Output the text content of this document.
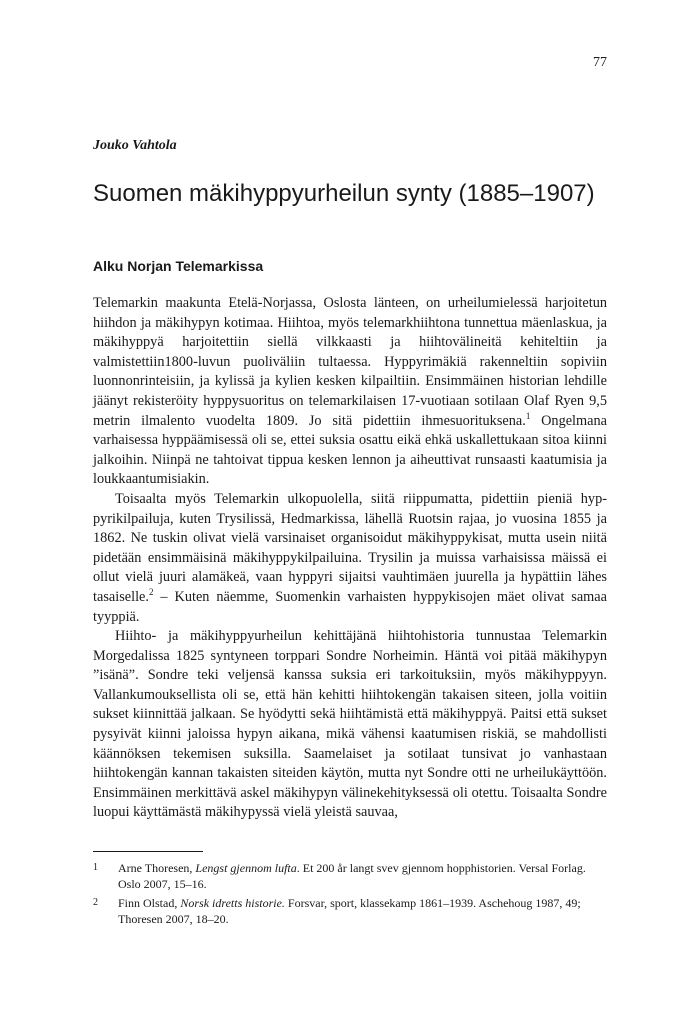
77
Jouko Vahtola
Suomen mäkihyppyurheilun synty (1885–1907)
Alku Norjan Telemarkissa

Telemarkin maakunta Etelä-Norjassa, Oslosta länteen, on urheilumielessä harjoitetun hiihdon ja mäkihypyn kotimaa. Hiihtoa, myös telemarkhiihtona tunnettua mäenlaskua, ja mäkihyppyä harjoitettiin siellä vilkkaasti ja hiihtovälineitä kehiteltiin ja valmistettiin1800-luvun puoliväliin tultaessa. Hyppyrimäkiä rakenneltiin sopiviin luonnonrinteisiin, ja kylissä ja kylien kesken kilpailtiin. Ensimmäinen historian lehdille jäänyt rekisteröity hyppysuoritus on telemarkilaisen 17-vuotiaan sotilaan Olaf Ryen 9,5 metrin ilmalento vuodelta 1809. Jo sitä pidettiin ihmesuorituksena.$^1$ Ongelmana varhaisessa hyppäämisessä oli se, ettei suksia osattu eikä ehkä uskallettukaan sitoa kiinni jalkoihin. Niinpä ne tahtoivat tippua kesken lennon ja aiheuttivat runsaasti kaatumisia ja loukkaantumisiakin.

Toisaalta myös Telemarkin ulkopuolella, siitä riippumatta, pidettiin pieniä hyppyrikilpailuja, kuten Trysilissä, Hedmarkissa, lähellä Ruotsin rajaa, jo vuosina 1855 ja 1862. Ne tuskin olivat vielä varsinaiset organisoidut mäkihyppykisat, mutta usein niitä pidetään ensimmäisinä mäkihyppykilpailuina. Trysilin ja muissa varhaisissa mäissä ei ollut vielä juuri alamäkeä, vaan hyppyri sijaitsi vauhtimäen juurella ja hypättiin lähes tasaiselle.$^2$ – Kuten näemme, Suomenkin varhaisten hyppykisojen mäet olivat samaa tyyppiä.

Hiihto- ja mäkihyppyurheilun kehittäjänä hiihtohistoria tunnustaa Telemarkin Morgedalissa 1825 syntyneen torppari Sondre Norheimin. Häntä voi pitää mäkihypyn ”isänä”. Sondre teki veljensä kanssa suksia eri tarkoituksiin, myös mäkihyppyyn. Vallankumouksellista oli se, että hän kehitti hiihtokengän takaisen siteen, jolla voitiin sukset kiinnittää jalkaan. Se hyödytti sekä hiihtämistä että mäkihyppyä. Paitsi että sukset pysyivät kiinni jaloissa hypyn aikana, mikä vähensi kaatumisen riskiä, se mahdollisti käännöksen tekemisen suksilla. Saamelaiset ja sotilaat tunsivat jo vanhastaan hiihtokengän kannan takaisten siteiden käytön, mutta nyt Sondre otti ne urheilukäyttöön. Ensimmäinen merkittävä askel mäkihypyn välinekehityksessä oli otettu. Toisaalta Sondre luopui käyttämästä mäkihypyssä vielä yleistä sauvaa,

1	Arne Thoresen, Lengst gjennom lufta. Et 200 år langt svev gjennom hopphistorien. Versal Forlag. Oslo 2007, 15–16.
2	Finn Olstad, Norsk idretts historie. Forsvar, sport, klassekamp 1861–1939. Aschehoug 1987, 49; Thoresen 2007, 18–20.
